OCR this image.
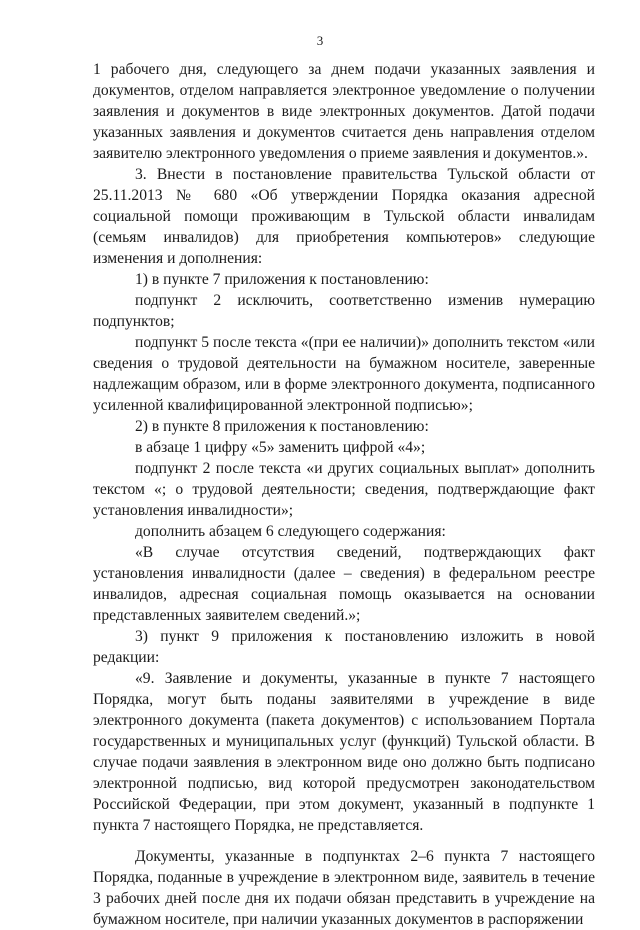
3

1 рабочего дня, следующего за днем подачи указанных заявления и документов, отделом направляется электронное уведомление о получении заявления и документов в виде электронных документов. Датой подачи указанных заявления и документов считается день направления отделом заявителю электронного уведомления о приеме заявления и документов.».

3. Внести в постановление правительства Тульской области от 25.11.2013 № 680 «Об утверждении Порядка оказания адресной социальной помощи проживающим в Тульской области инвалидам (семьям инвалидов) для приобретения компьютеров» следующие изменения и дополнения:

1) в пункте 7 приложения к постановлению:

подпункт 2 исключить, соответственно изменив нумерацию подпунктов;

подпункт 5 после текста «(при ее наличии)» дополнить текстом «или сведения о трудовой деятельности на бумажном носителе, заверенные надлежащим образом, или в форме электронного документа, подписанного усиленной квалифицированной электронной подписью»;

2) в пункте 8 приложения к постановлению:

в абзаце 1 цифру «5» заменить цифрой «4»;

подпункт 2 после текста «и других социальных выплат» дополнить текстом «; о трудовой деятельности; сведения, подтверждающие факт установления инвалидности»;

дополнить абзацем 6 следующего содержания:

«В случае отсутствия сведений, подтверждающих факт установления инвалидности (далее – сведения) в федеральном реестре инвалидов, адресная социальная помощь оказывается на основании представленных заявителем сведений.»;

3) пункт 9 приложения к постановлению изложить в новой редакции:

«9. Заявление и документы, указанные в пункте 7 настоящего Порядка, могут быть поданы заявителями в учреждение в виде электронного документа (пакета документов) с использованием Портала государственных и муниципальных услуг (функций) Тульской области. В случае подачи заявления в электронном виде оно должно быть подписано электронной подписью, вид которой предусмотрен законодательством Российской Федерации, при этом документ, указанный в подпункте 1 пункта 7 настоящего Порядка, не представляется.

Документы, указанные в подпунктах 2–6 пункта 7 настоящего Порядка, поданные в учреждение в электронном виде, заявитель в течение 3 рабочих дней после дня их подачи обязан представить в учреждение на бумажном носителе, при наличии указанных документов в распоряжении
